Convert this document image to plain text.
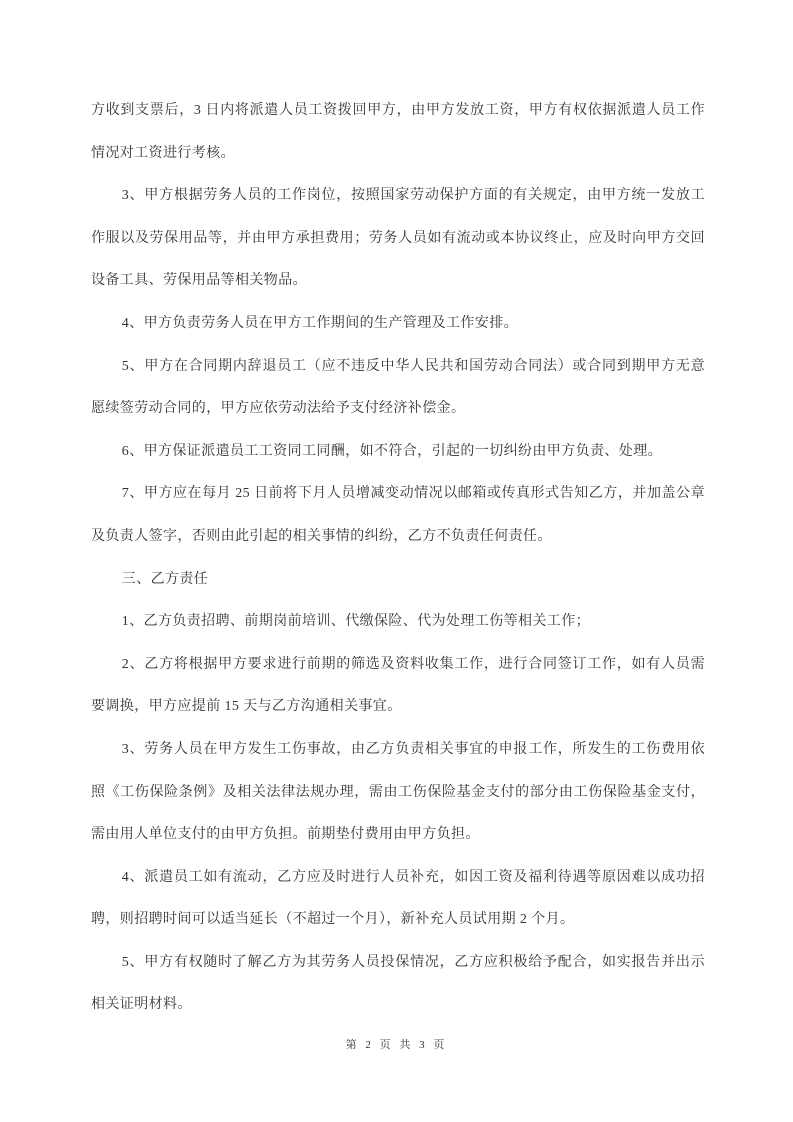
方收到支票后，3 日内将派遣人员工资拨回甲方，由甲方发放工资，甲方有权依据派遣人员工作情况对工资进行考核。

3、甲方根据劳务人员的工作岗位，按照国家劳动保护方面的有关规定，由甲方统一发放工作服以及劳保用品等，并由甲方承担费用；劳务人员如有流动或本协议终止，应及时向甲方交回设备工具、劳保用品等相关物品。

4、甲方负责劳务人员在甲方工作期间的生产管理及工作安排。

5、甲方在合同期内辞退员工（应不违反中华人民共和国劳动合同法）或合同到期甲方无意愿续签劳动合同的，甲方应依劳动法给予支付经济补偿金。

6、甲方保证派遣员工工资同工同酬，如不符合，引起的一切纠纷由甲方负责、处理。

7、甲方应在每月 25 日前将下月人员增减变动情况以邮箱或传真形式告知乙方，并加盖公章及负责人签字，否则由此引起的相关事情的纠纷，乙方不负责任何责任。

三、乙方责任

1、乙方负责招聘、前期岗前培训、代缴保险、代为处理工伤等相关工作；

2、乙方将根据甲方要求进行前期的筛选及资料收集工作，进行合同签订工作，如有人员需要调换，甲方应提前 15 天与乙方沟通相关事宜。

3、劳务人员在甲方发生工伤事故，由乙方负责相关事宜的申报工作，所发生的工伤费用依照《工伤保险条例》及相关法律法规办理，需由工伤保险基金支付的部分由工伤保险基金支付，需由用人单位支付的由甲方负担。前期垫付费用由甲方负担。

4、派遣员工如有流动，乙方应及时进行人员补充，如因工资及福利待遇等原因难以成功招聘，则招聘时间可以适当延长（不超过一个月），新补充人员试用期 2 个月。

5、甲方有权随时了解乙方为其劳务人员投保情况，乙方应积极给予配合，如实报告并出示相关证明材料。

第 2 页 共 3 页
